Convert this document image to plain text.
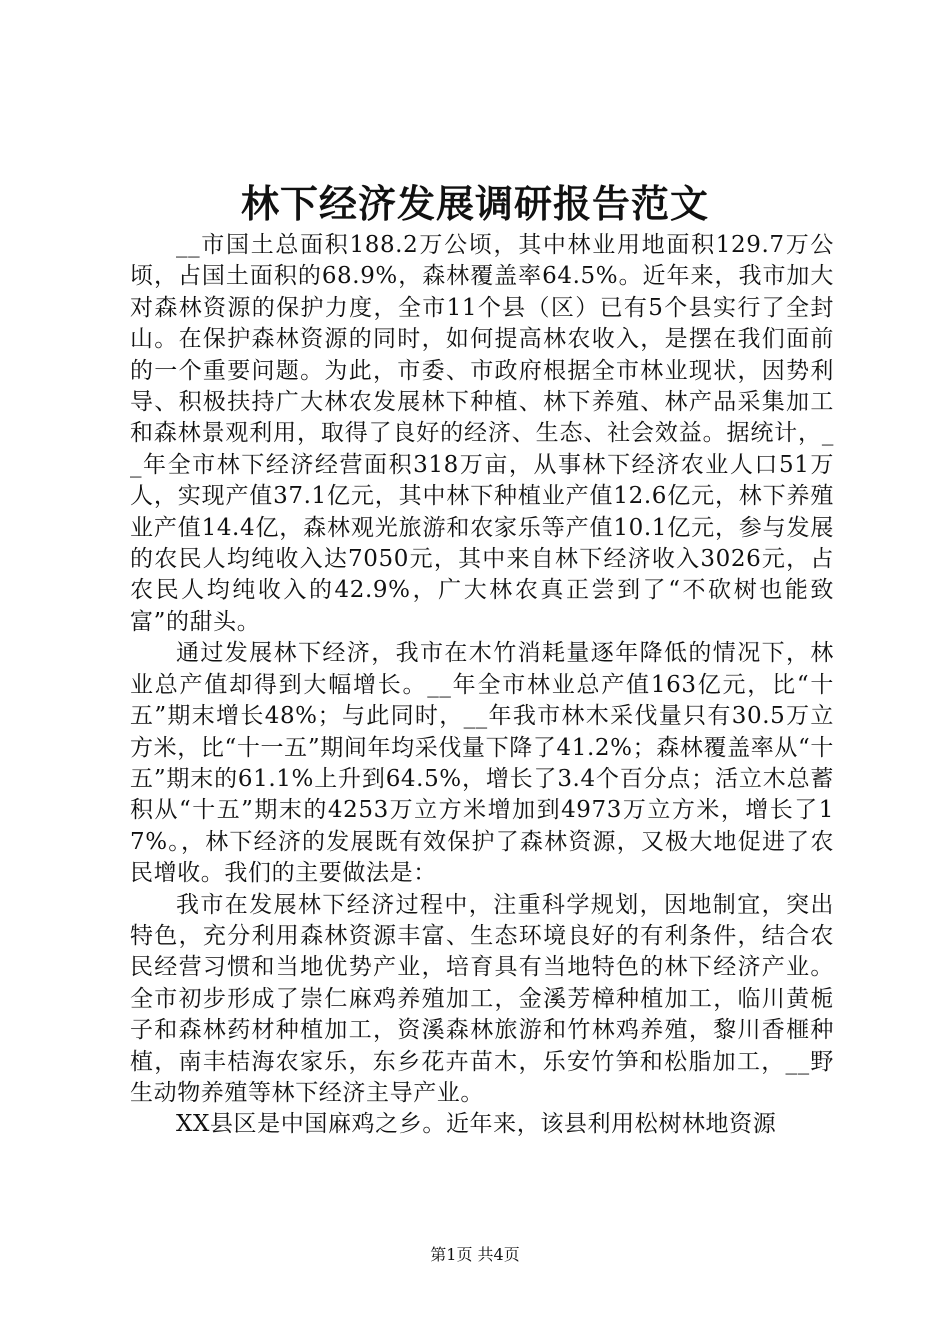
林下经济发展调研报告范文

__市国土总面积188.2万公顷，其中林业用地面积129.7万公顷，占国土面积的68.9%，森林覆盖率64.5%。近年来，我市加大对森林资源的保护力度，全市11个县（区）已有5个县实行了全封山。在保护森林资源的同时，如何提高林农收入，是摆在我们面前的一个重要问题。为此，市委、市政府根据全市林业现状，因势利导、积极扶持广大林农发展林下种植、林下养殖、林产品采集加工和森林景观利用，取得了良好的经济、生态、社会效益。据统计，__年全市林下经济经营面积318万亩，从事林下经济农业人口51万人，实现产值37.1亿元，其中林下种植业产值12.6亿元，林下养殖业产值14.4亿，森林观光旅游和农家乐等产值10.1亿元，参与发展的农民人均纯收入达7050元，其中来自林下经济收入3026元，占农民人均纯收入的42.9%，广大林农真正尝到了“不砍树也能致富”的甜头。

通过发展林下经济，我市在木竹消耗量逐年降低的情况下，林业总产值却得到大幅增长。__年全市林业总产值163亿元，比“十五”期末增长48%；与此同时，__年我市林木采伐量只有30.5万立方米，比“十一五”期间年均采伐量下降了41.2%；森林覆盖率从“十五”期末的61.1%上升到64.5%，增长了3.4个百分点；活立木总蓄积从“十五”期末的4253万立方米增加到4973万立方米，增长了17%。，林下经济的发展既有效保护了森林资源，又极大地促进了农民增收。我们的主要做法是：

我市在发展林下经济过程中，注重科学规划，因地制宜，突出特色，充分利用森林资源丰富、生态环境良好的有利条件，结合农民经营习惯和当地优势产业，培育具有当地特色的林下经济产业。全市初步形成了崇仁麻鸡养殖加工，金溪芳樟种植加工，临川黄栀子和森林药材种植加工，资溪森林旅游和竹林鸡养殖，黎川香榧种植，南丰桔海农家乐，东乡花卉苗木，乐安竹笋和松脂加工，__野生动物养殖等林下经济主导产业。

XX县区是中国麻鸡之乡。近年来，该县利用松树林地资源

第1页 共4页
